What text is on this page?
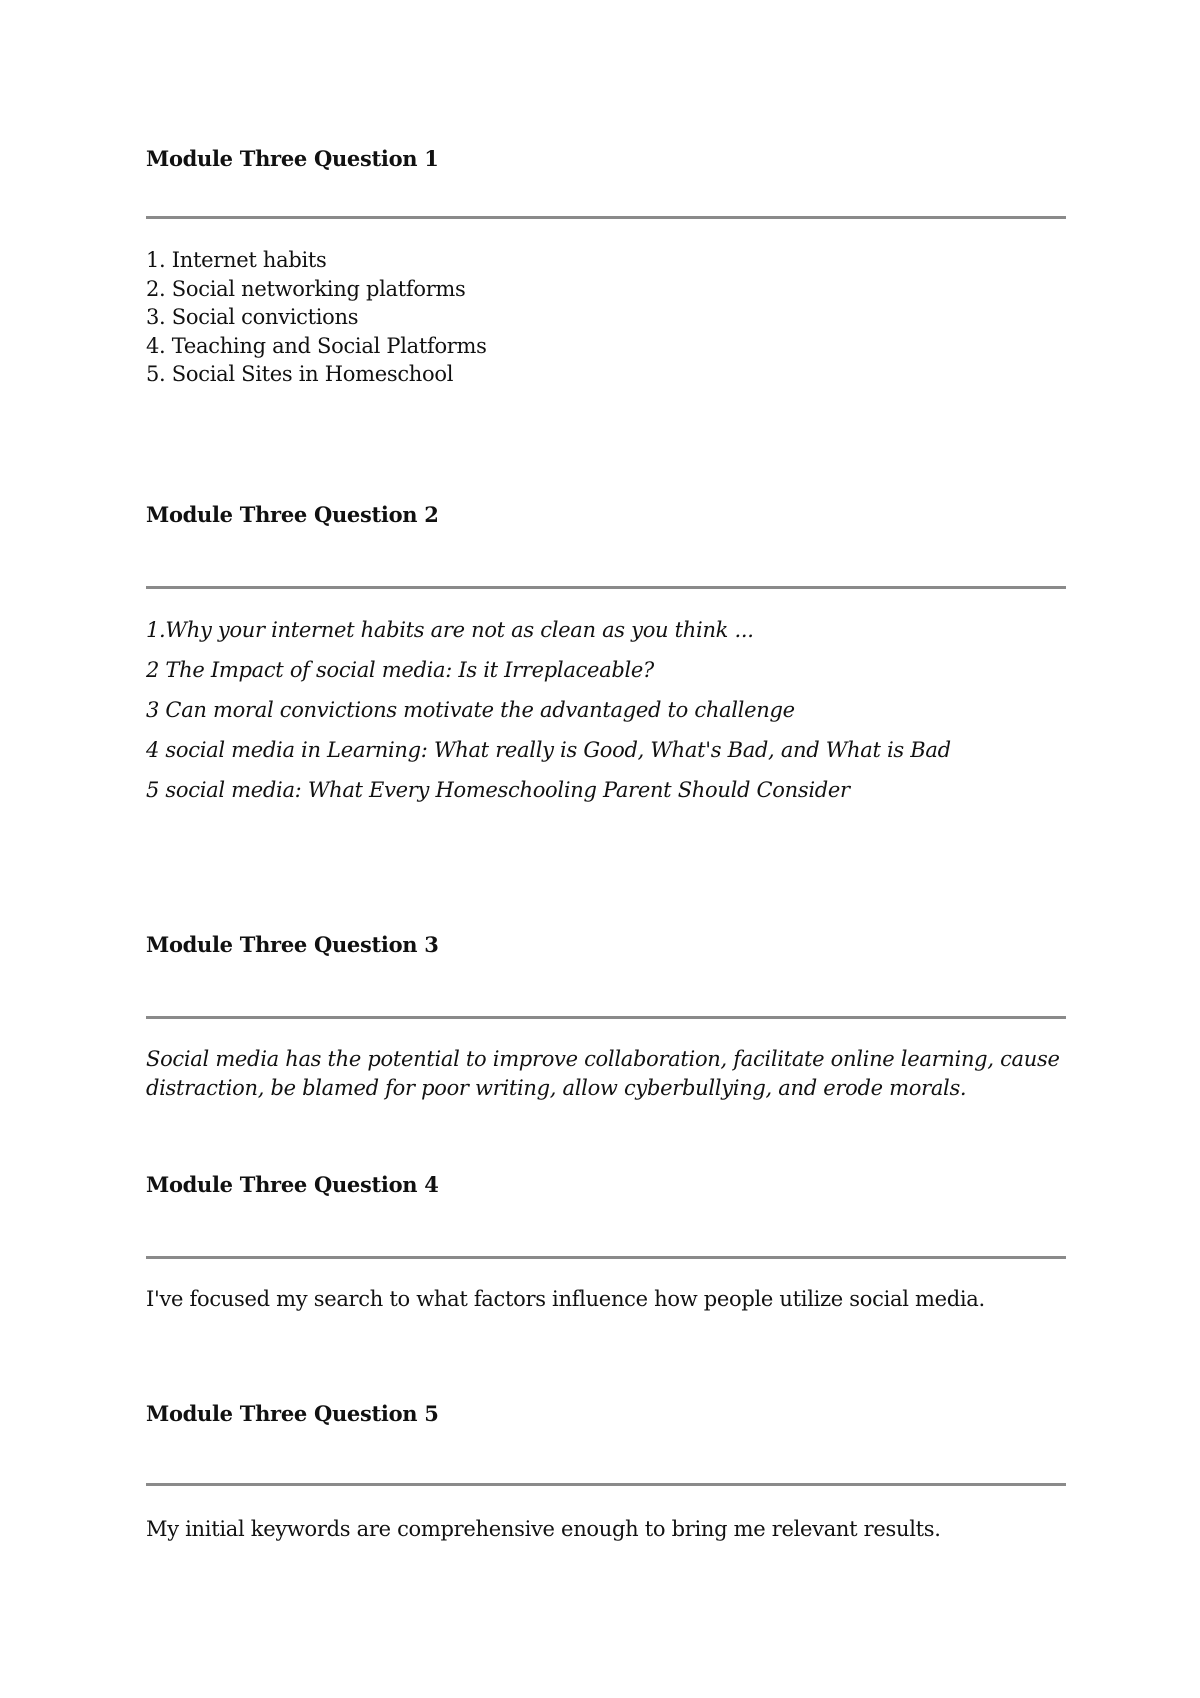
Module Three Question 1
1. Internet habits
2. Social networking platforms
3. Social convictions
4. Teaching and Social Platforms
5. Social Sites in Homeschool
Module Three Question 2
1.Why your internet habits are not as clean as you think ...
2 The Impact of social media: Is it Irreplaceable?
3 Can moral convictions motivate the advantaged to challenge
4 social media in Learning: What really is Good, What's Bad, and What is Bad
5 social media: What Every Homeschooling Parent Should Consider
Module Three Question 3

Social media has the potential to improve collaboration, facilitate online learning, cause distraction, be blamed for poor writing, allow cyberbullying, and erode morals.

Module Three Question 4

I've focused my search to what factors influence how people utilize social media.

Module Three Question 5

My initial keywords are comprehensive enough to bring me relevant results.
